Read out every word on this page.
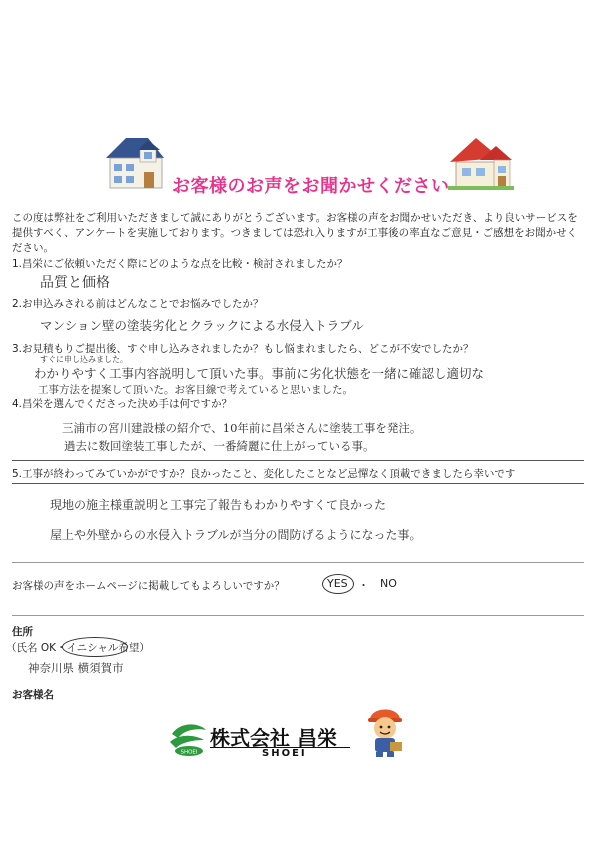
お客様のお声をお聞かせください
この度は弊社をご利用いただきまして誠にありがとうございます。お客様の声をお聞かせいただき、より良いサービスを提供すべく、アンケートを実施しております。つきましては恐れ入りますが工事後の率直なご意見・ご感想をお聞かせください。
1.昌栄にご依頼いただく際にどのような点を比較・検討されましたか？
品質と価格
2.お申込みされる前はどんなことでお悩みでしたか？
マンション壁の塗装劣化とクラックによる水侵入トラブル
3.お見積もりご提出後、すぐ申し込みされましたか？もし悩まれましたら、どこが不安でしたか？
すぐに申し込みました。
わかりやすく工事内容説明して頂いた事。事前に劣化状態を一緒に確認し適切な
工事方法を提案して頂いた。お客目線で考えていると思いました。
4.昌栄を選んでくださった決め手は何ですか？
三浦市の宮川建設様の紹介で、10年前に昌栄さんに塗装工事を発注。
過去に数回塗装工事したが、一番綺麗に仕上がっている事。
5.工事が終わってみていかがですか？良かったこと、変化したことなど忌憚なく頂載できましたら幸いです
現地の施主様重説明と工事完了報告もわかりやすくて良かった
屋上や外壁からの水侵入トラブルが当分の間防げるようになった事。
お客様の声をホームページに掲載してもよろしいですか？	YES ・ NO
住所
（氏名 OK・イニシャル希望）
神奈川県 横須賀市
お客様名
SHOEI
株式会社 昌栄
SHOEI
